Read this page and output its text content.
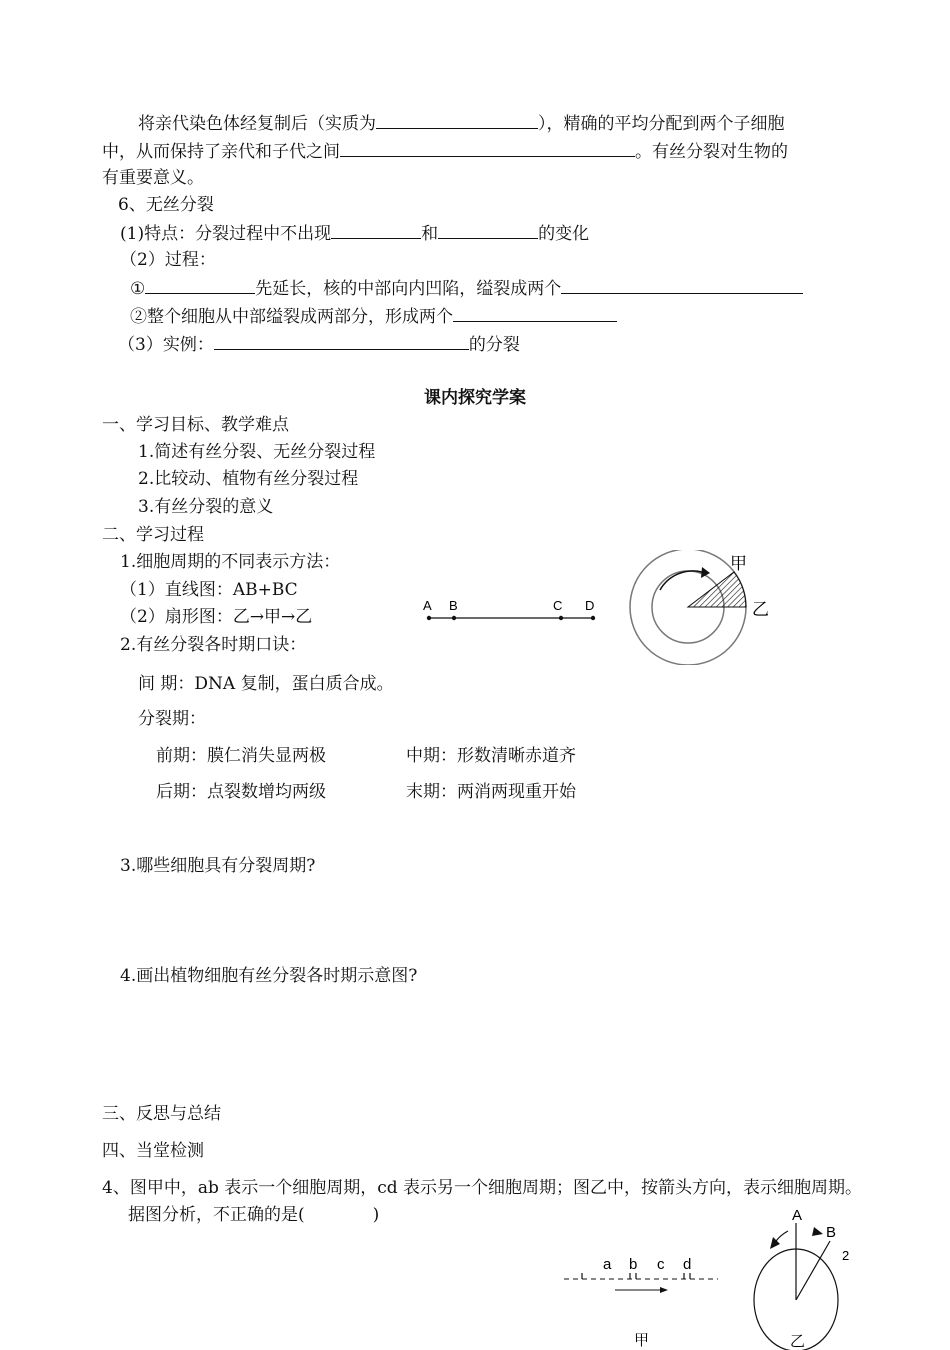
将亲代染色体经复制后（实质为	），精确的平均分配到两个子细胞
中，从而保持了亲代和子代之间	。有丝分裂对生物的
有重要意义。
6、无丝分裂
(1)特点：分裂过程中不出现	和	的变化
（2）过程：
①	先延长，核的中部向内凹陷，缢裂成两个
②整个细胞从中部缢裂成两部分，形成两个
（3）实例：	的分裂
课内探究学案
一、学习目标、教学难点
1.简述有丝分裂、无丝分裂过程
2.比较动、植物有丝分裂过程
3.有丝分裂的意义
二、学习过程
1.细胞周期的不同表示方法：
（1）直线图：AB+BC
（2）扇形图：乙→甲→乙
2.有丝分裂各时期口诀：
间 期：DNA 复制，蛋白质合成。
分裂期：
前期：膜仁消失显两极	中期：形数清晰赤道齐
后期：点裂数增均两级	末期：两消两现重开始
3.哪些细胞具有分裂周期?
4.画出植物细胞有丝分裂各时期示意图?
三、反思与总结
四、当堂检测
4、图甲中，ab 表示一个细胞周期，cd 表示另一个细胞周期；图乙中，按箭头方向，表示细胞周期。
据图分析，不正确的是(　　　　)
A B	C D
甲
乙
a b c d
甲
A
B
2
乙
